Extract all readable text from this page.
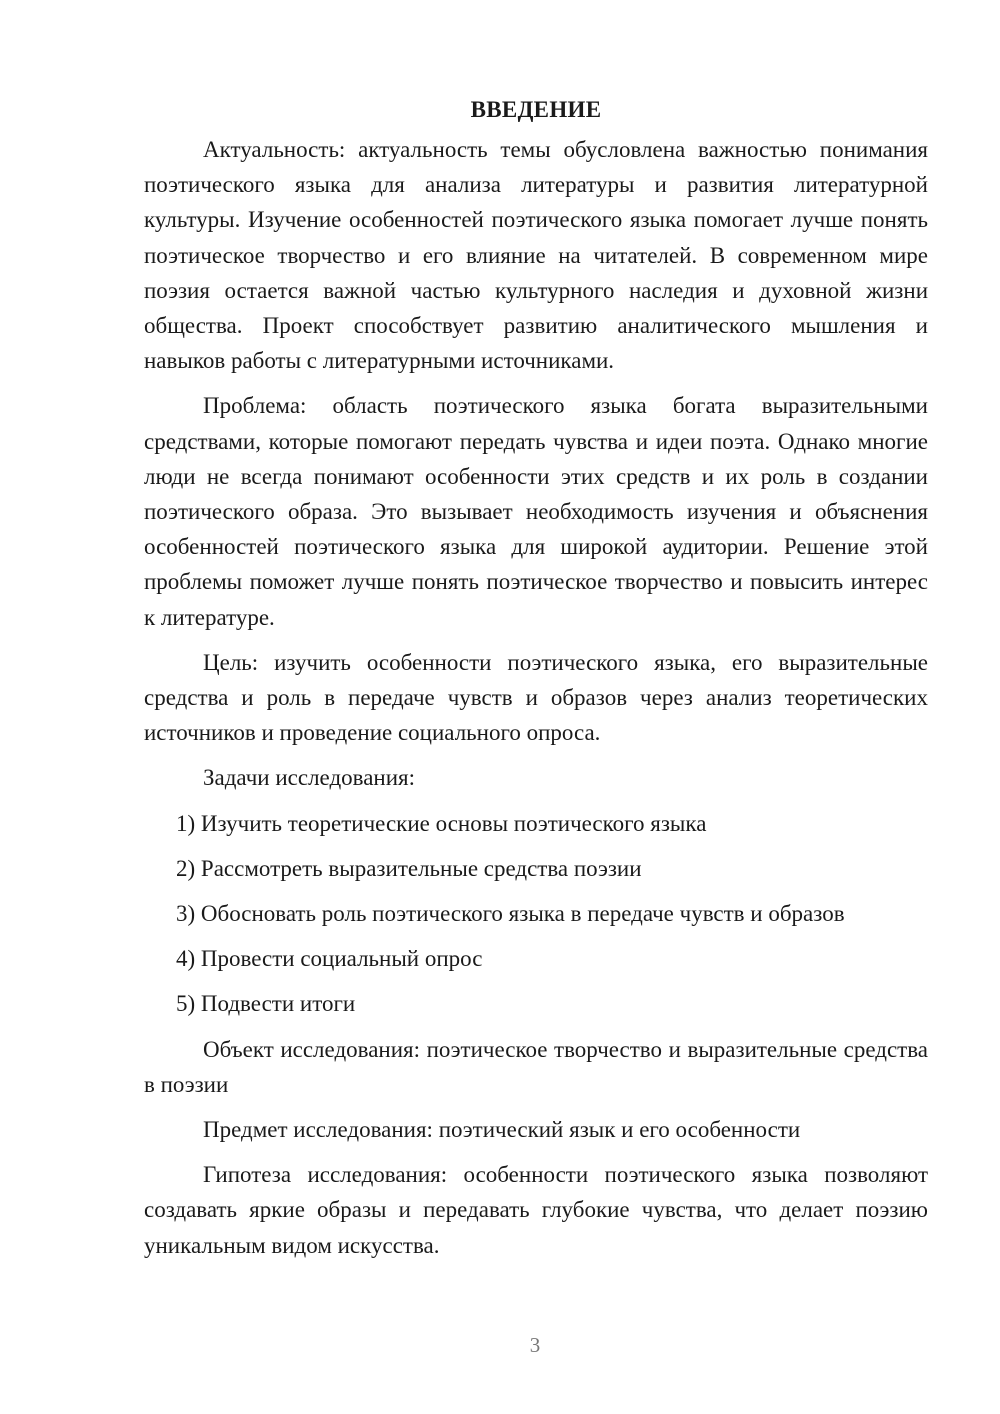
ВВЕДЕНИЕ

Актуальность: актуальность темы обусловлена важностью понимания поэтического языка для анализа литературы и развития литературной культуры. Изучение особенностей поэтического языка помогает лучше понять поэтическое творчество и его влияние на читателей. В современном мире поэзия остается важной частью культурного наследия и духовной жизни общества. Проект способствует развитию аналитического мышления и навыков работы с литературными источниками.

Проблема: область поэтического языка богата выразительными средствами, которые помогают передать чувства и идеи поэта. Однако многие люди не всегда понимают особенности этих средств и их роль в создании поэтического образа. Это вызывает необходимость изучения и объяснения особенностей поэтического языка для широкой аудитории. Решение этой проблемы поможет лучше понять поэтическое творчество и повысить интерес к литературе.

Цель: изучить особенности поэтического языка, его выразительные средства и роль в передаче чувств и образов через анализ теоретических источников и проведение социального опроса.

Задачи исследования:

1) Изучить теоретические основы поэтического языка
2) Рассмотреть выразительные средства поэзии
3) Обосновать роль поэтического языка в передаче чувств и образов
4) Провести социальный опрос
5) Подвести итоги

Объект исследования: поэтическое творчество и выразительные средства в поэзии

Предмет исследования: поэтический язык и его особенности

Гипотеза исследования: особенности поэтического языка позволяют создавать яркие образы и передавать глубокие чувства, что делает поэзию уникальным видом искусства.

3
